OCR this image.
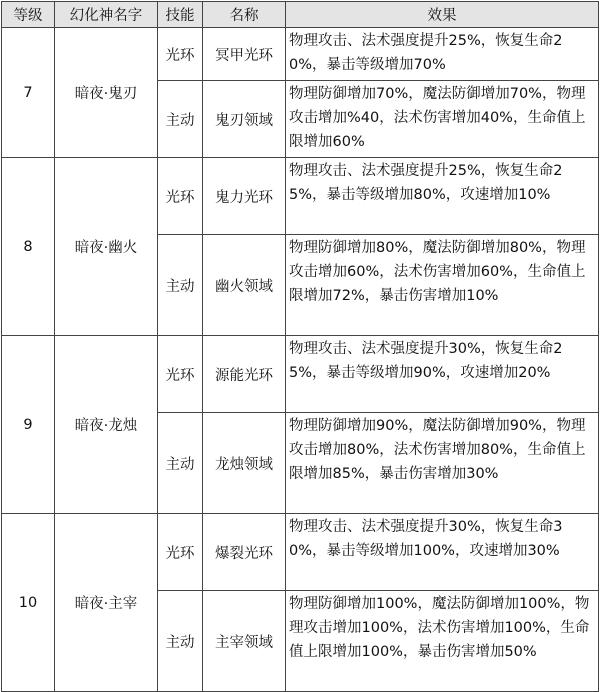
等级	幻化神名字	技能	名称	效果
7	暗夜·鬼刃	光环	冥甲光环	物理攻击、法术强度提升25%，恢复生命20%，暴击等级增加70%
		主动	鬼刃领域	物理防御增加70%，魔法防御增加70%，物理攻击增加%40，法术伤害增加40%，生命值上限增加60%
8	暗夜·幽火	光环	鬼力光环	物理攻击、法术强度提升25%，恢复生命25%，暴击等级增加80%，攻速增加10%
		主动	幽火领域	物理防御增加80%，魔法防御增加80%，物理攻击增加60%，法术伤害增加60%，生命值上限增加72%，暴击伤害增加10%
9	暗夜·龙烛	光环	源能光环	物理攻击、法术强度提升30%，恢复生命25%，暴击等级增加90%，攻速增加20%
		主动	龙烛领域	物理防御增加90%，魔法防御增加90%，物理攻击增加80%，法术伤害增加80%，生命值上限增加85%，暴击伤害增加30%
10	暗夜·主宰	光环	爆裂光环	物理攻击、法术强度提升30%，恢复生命30%，暴击等级增加100%，攻速增加30%
		主动	主宰领域	物理防御增加100%，魔法防御增加100%，物理攻击增加100%，法术伤害增加100%，生命值上限增加100%，暴击伤害增加50%
